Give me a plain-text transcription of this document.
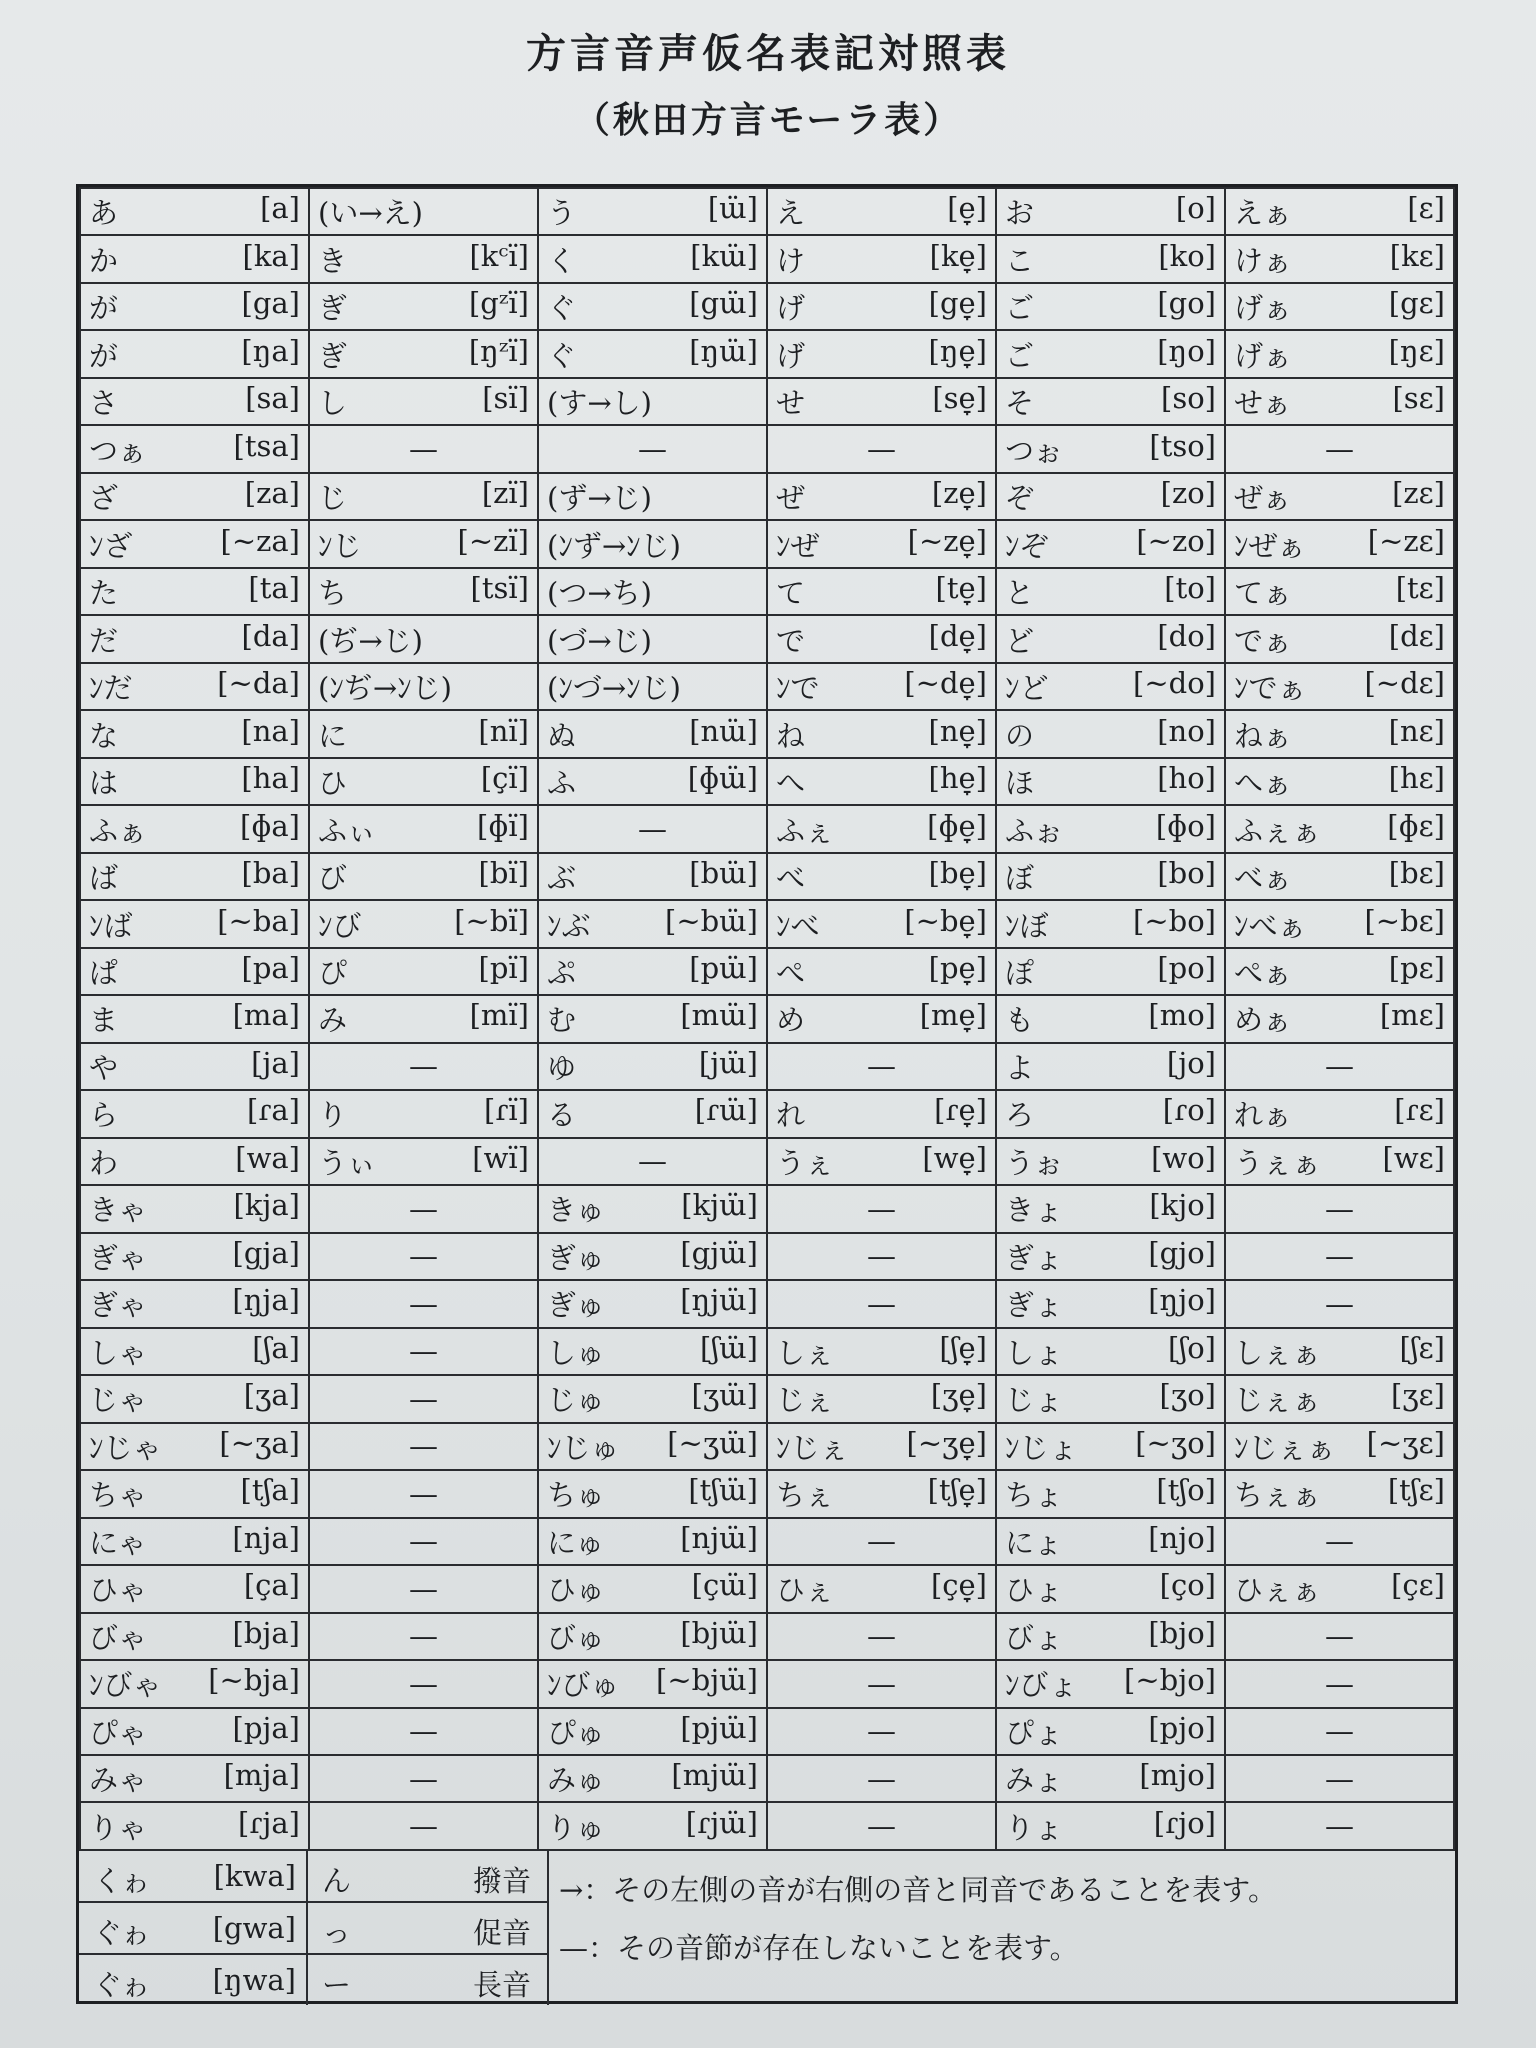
方言音声仮名表記対照表
（秋田方言モーラ表）
あ [a]	(い→え)	う [ɯ̈]	え [e̞]	お [o]	えぁ [ɛ]

か [ka]	き [kᶜï]	く [kɯ̈]	け [ke̞]	こ [ko]	けぁ [kɛ]

が [ga]	ぎ [gᶻï]	ぐ [gɯ̈]	げ [ge̞]	ご [go]	げぁ [gɛ]

が [ŋa]	ぎ [ŋᶻï]	ぐ [ŋɯ̈]	げ [ŋe̞]	ご [ŋo]	げぁ [ŋɛ]

さ [sa]	し [sï]	(す→し)	せ [se̞]	そ [so]	せぁ [sɛ]

つぁ [tsa]	—	—	—	つぉ [tso]	—

ざ [za]	じ [zï]	(ず→じ)	ぜ [ze̞]	ぞ [zo]	ぜぁ [zɛ]

ﾝざ [~za]	ﾝじ [~zï]	(ﾝず→ﾝじ)	ﾝぜ [~ze̞]	ﾝぞ [~zo]	ﾝぜぁ [~zɛ]

た [ta]	ち [tsï]	(つ→ち)	て [te̞]	と [to]	てぁ [tɛ]

だ [da]	(ぢ→じ)	(づ→じ)	で [de̞]	ど [do]	でぁ [dɛ]

ﾝだ [~da]	(ﾝぢ→ﾝじ)	(ﾝづ→ﾝじ)	ﾝで [~de̞]	ﾝど [~do]	ﾝでぁ [~dɛ]

な [na]	に [nï]	ぬ [nɯ̈]	ね [ne̞]	の [no]	ねぁ [nɛ]

は [ha]	ひ [çï]	ふ [ɸɯ̈]	へ [he̞]	ほ [ho]	へぁ [hɛ]

ふぁ [ɸa]	ふぃ [ɸï]	—	ふぇ [ɸe̞]	ふぉ [ɸo]	ふぇぁ [ɸɛ]

ば [ba]	び [bï]	ぶ [bɯ̈]	べ [be̞]	ぼ [bo]	べぁ [bɛ]

ﾝば [~ba]	ﾝび [~bï]	ﾝぶ [~bɯ̈]	ﾝべ [~be̞]	ﾝぼ [~bo]	ﾝべぁ [~bɛ]

ぱ [pa]	ぴ [pï]	ぷ [pɯ̈]	ぺ [pe̞]	ぽ [po]	ぺぁ [pɛ]

ま [ma]	み [mï]	む [mɯ̈]	め [me̞]	も [mo]	めぁ [mɛ]

や [ja]	—	ゆ [jɯ̈]	—	よ [jo]	—

ら [ɾa]	り [ɾï]	る [ɾɯ̈]	れ [ɾe̞]	ろ [ɾo]	れぁ [ɾɛ]

わ [wa]	うぃ [wï]	—	うぇ [we̞]	うぉ [wo]	うぇぁ [wɛ]

きゃ [kja]	—	きゅ [kjɯ̈]	—	きょ [kjo]	—

ぎゃ [gja]	—	ぎゅ [gjɯ̈]	—	ぎょ [gjo]	—

ぎゃ [ŋja]	—	ぎゅ [ŋjɯ̈]	—	ぎょ [ŋjo]	—

しゃ [ʃa]	—	しゅ [ʃɯ̈]	しぇ [ʃe̞]	しょ [ʃo]	しぇぁ [ʃɛ]

じゃ [ʒa]	—	じゅ [ʒɯ̈]	じぇ [ʒe̞]	じょ [ʒo]	じぇぁ [ʒɛ]

ﾝじゃ [~ʒa]	—	ﾝじゅ [~ʒɯ̈]	ﾝじぇ [~ʒe̞]	ﾝじょ [~ʒo]	ﾝじぇぁ [~ʒɛ]

ちゃ [tʃa]	—	ちゅ [tʃɯ̈]	ちぇ [tʃe̞]	ちょ [tʃo]	ちぇぁ [tʃɛ]

にゃ [nja]	—	にゅ [njɯ̈]	—	にょ [njo]	—

ひゃ [ça]	—	ひゅ [çɯ̈]	ひぇ [çe̞]	ひょ [ço]	ひぇぁ [çɛ]

びゃ [bja]	—	びゅ [bjɯ̈]	—	びょ [bjo]	—

ﾝびゃ [~bja]	—	ﾝびゅ [~bjɯ̈]	—	ﾝびょ [~bjo]	—

ぴゃ [pja]	—	ぴゅ [pjɯ̈]	—	ぴょ [pjo]	—

みゃ [mja]	—	みゅ [mjɯ̈]	—	みょ [mjo]	—

りゃ [ɾja]	—	りゅ [ɾjɯ̈]	—	りょ [ɾjo]	—
くゎ [kwa] ん	撥音
ぐゎ [gwa] っ	促音
ぐゎ [ŋwa] ー	長音
→：その左側の音が右側の音と同音であることを表す。
—：その音節が存在しないことを表す。
